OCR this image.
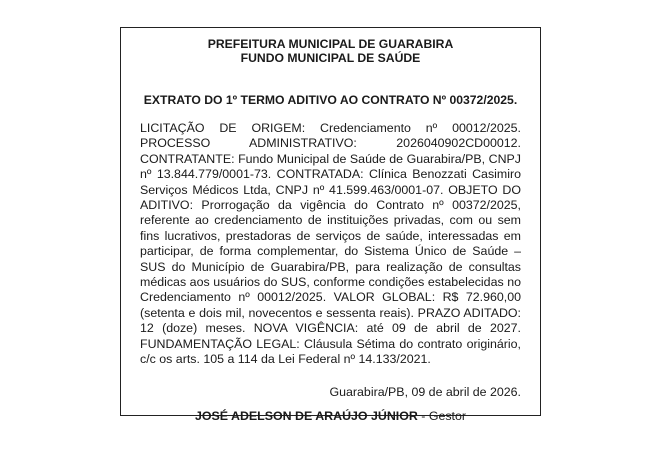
PREFEITURA MUNICIPAL DE GUARABIRA
FUNDO MUNICIPAL DE SAÚDE
EXTRATO DO 1º TERMO ADITIVO AO CONTRATO Nº 00372/2025.
LICITAÇÃO DE ORIGEM: Credenciamento nº 00012/2025. PROCESSO ADMINISTRATIVO: 2026040902CD00012. CONTRATANTE: Fundo Municipal de Saúde de Guarabira/PB, CNPJ nº 13.844.779/0001-73. CONTRATADA: Clínica Benozzati Casimiro Serviços Médicos Ltda, CNPJ nº 41.599.463/0001-07. OBJETO DO ADITIVO: Prorrogação da vigência do Contrato nº 00372/2025, referente ao credenciamento de instituições privadas, com ou sem fins lucrativos, prestadoras de serviços de saúde, interessadas em participar, de forma complementar, do Sistema Único de Saúde – SUS do Município de Guarabira/PB, para realização de consultas médicas aos usuários do SUS, conforme condições estabelecidas no Credenciamento nº 00012/2025. VALOR GLOBAL: R$ 72.960,00 (setenta e dois mil, novecentos e sessenta reais). PRAZO ADITADO: 12 (doze) meses. NOVA VIGÊNCIA: até 09 de abril de 2027. FUNDAMENTAÇÃO LEGAL: Cláusula Sétima do contrato originário, c/c os arts. 105 a 114 da Lei Federal nº 14.133/2021.
Guarabira/PB, 09 de abril de 2026.
JOSÉ ADELSON DE ARAÚJO JÚNIOR - Gestor
